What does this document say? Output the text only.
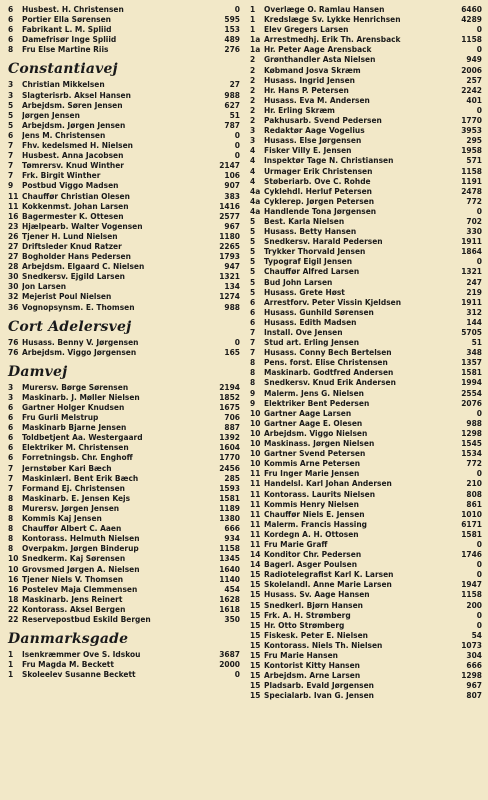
6	Husbest. H. Christensen	0
6	Portier Ella Sørensen	595
6	Fabrikant L. M. Spliid	153
6	Damefrisør Inge Spliid	489
8	Fru Else Martine Riis	276
Constantiavej
3	Christian Mikkelsen	27
3	Slagterisrb. Aksel Hansen	988
5	Arbejdsm. Søren Jensen	627
5	Jørgen Jensen	51
5	Arbejdsm. Jørgen Jensen	787
6	Jens M. Christensen	0
7	Fhv. kedelsmed H. Nielsen	0
7	Husbest. Anna Jacobsen	0
7	Tømrersv. Knud Winther	2147
7	Frk. Birgit Winther	106
9	Postbud Viggo Madsen	907
11 Chauffør Christian Olesen	383
11 Kokkenmst. Johan Larsen	1416
16 Bagermester K. Ottesen	2577
23 Hjælpearb. Walter Vogensen	967
26 Tjener H. Lund Nielsen	1180
27 Driftsleder Knud Ratzer	2265
27 Bogholder Hans Pedersen	1793
28 Arbejdsm. Elgaard C. Nielsen	947
30 Snedkersv. Ejgild Larsen	1321
30 Jon Larsen	134
32 Mejerist Poul Nielsen	1274
36 Vognopsynsm. E. Thomsen	988
Cort Adelersvej
76 Husass. Benny V. Jørgensen	0
76 Arbejdsm. Viggo Jørgensen	165
Damvej
3	Murersv. Børge Sørensen	2194
3	Maskinarb. J. Møller Nielsen	1852
6	Gartner Holger Knudsen	1675
6	Fru Gurli Melstrup	706
6	Maskinarb Bjarne Jensen	887
6	Toldbetjent Aa. Westergaard	1392
6	Elektriker M. Christensen	1604
6	Forretningsb. Chr. Enghoff	1770
7	Jernstøber Kari Bæch	2456
7	Maskinlærl. Bent Erik Bæch	285
7	Formand Ej. Christensen	1593
8	Maskinarb. E. Jensen Kejs	1581
8	Murersv. Jørgen Jensen	1189
8	Kommis Kaj Jensen	1380
8	Chauffør Albert C. Aaen	666
8	Kontorass. Helmuth Nielsen	934
8	Overpakm. Jørgen Binderup	1158
10 Snedkerm. Kaj Sørensen	1345
10 Grovsmed Jørgen A. Nielsen	1640
16 Tjener Niels V. Thomsen	1140
16 Postelev Maja Clemmensen	454
18 Maskinarb. Jens Reinert	1628
22 Kontorass. Aksel Bergen	1618
22 Reservepostbud Eskild Bergen	350
Danmarksgade
1	Isenkræmmer Ove S. Idskou	3687
1	Fru Magda M. Beckett	2000
1	Skoleelev Susanne Beckett	0
1	Overlæge O. Ramlau Hansen	6460
1	Kredslæge Sv. Lykke Henrichsen	4289
1	Elev Gregers Larsen	0
1a Arrestmedhj. Erik Th. Arensback	1158
1a Hr. Peter Aage Arensback	0
2	Grønthandler Asta Nielsen	949
2	Købmand Josva Skræm	2006
2	Husass. Ingrid Jensen	257
2	Hr. Hans P. Petersen	2242
2	Husass. Eva M. Andersen	401
2	Hr. Erling Skræm	0
2	Pakhusarb. Svend Pedersen	1770
3	Redaktør Aage Vogelius	3953
3	Husass. Else Jørgensen	295
4	Fisker Villy E. Jensen	1958
4	Inspektør Tage N. Christiansen	571
4	Urmager Erik Christensen	1158
4	Støberiarb. Ove C. Rohde	1191
4a Cyklehdl. Herluf Petersen	2478
4a Cyklerep. Jørgen Petersen	772
4a Handlende Tona Jørgensen	0
5	Best. Karla Nielsen	702
5	Husass. Betty Hansen	330
5	Snedkersv. Harald Pedersen	1911
5	Trykker Thorvald Jensen	1864
5	Typograf Eigil Jensen	0
5	Chauffør Alfred Larsen	1321
5	Bud John Larsen	247
5	Husass. Grete Høst	219
6	Arrestforv. Peter Vissin Kjeldsen	1911
6	Husass. Gunhild Sørensen	312
6	Husass. Edith Madsen	144
7	Install. Ove Jensen	5705
7	Stud art. Erling Jensen	51
7	Husass. Conny Bech Bertelsen	348
8	Pens. forst. Elise Christensen	1357
8	Maskinarb. Godtfred Andersen	1581
8	Snedkersv. Knud Erik Andersen	1994
9	Malerm. Jens G. Nielsen	2554
9	Elektriker Bent Pedersen	2076
10 Gartner Aage Larsen	0
10 Gartner Aage E. Olesen	988
10 Arbejdsm. Viggo Nielsen	1298
10 Maskinass. Jørgen Nielsen	1545
10 Gartner Svend Petersen	1534
10 Kommis Arne Petersen	772
11 Fru Inger Marie Jensen	0
11 Handelsl. Karl Johan Andersen	210
11 Kontorass. Laurits Nielsen	808
11 Kommis Henry Nielsen	861
11 Chauffør Niels E. Jensen	1010
11 Malerm. Francis Hassing	6171
11 Kordegn A. H. Ottosen	1581
11 Fru Marie Graff	0
14 Konditor Chr. Pedersen	1746
14 Bagerl. Asger Poulsen	0
15 Radiotelegrafist Karl K. Larsen	0
15 Skolelandl. Anne Marie Larsen	1947
15 Husass. Sv. Aage Hansen	1158
15 Snedkerl. Bjørn Hansen	200
15 Frk. A. H. Strømberg	0
15 Hr. Otto Strømberg	0
15 Fiskesk. Peter E. Nielsen	54
15 Kontorass. Niels Th. Nielsen	1073
15 Fru Marie Hansen	304
15 Kontorist Kitty Hansen	666
15 Arbejdsm. Arne Larsen	1298
15 Pladsarb. Evald Jørgensen	967
15 Specialarb. Ivan G. Jensen	807
